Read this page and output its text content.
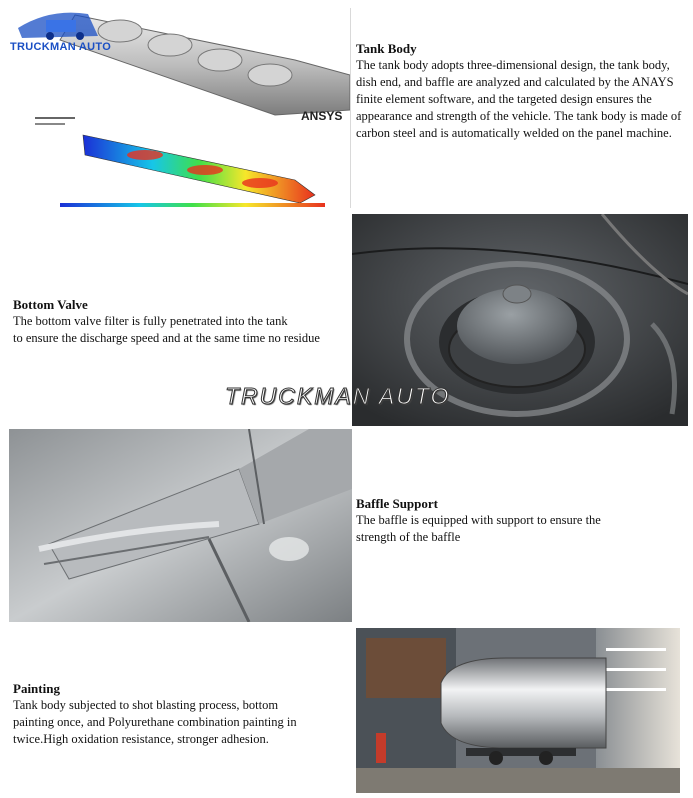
ANSYS
TRUCKMAN AUTO	Tank Body

The tank body adopts three-dimensional design, the tank body, dish end, and baffle are analyzed and calculated by the ANAYS finite element software, and the targeted design ensures the appearance and strength of the vehicle. The tank body is made of carbon steel and is automatically welded on the panel machine.

Bottom Valve

The bottom valve filter is fully penetrated into the tank

to ensure the discharge speed and at the same time no residue

TRUCKMAN AUTO

Baffle Support

The baffle is equipped with support to ensure the

strength of the baffle

Painting

Tank body subjected to shot blasting process, bottom

painting once, and Polyurethane combination painting in

twice.High oxidation resistance, stronger adhesion.
